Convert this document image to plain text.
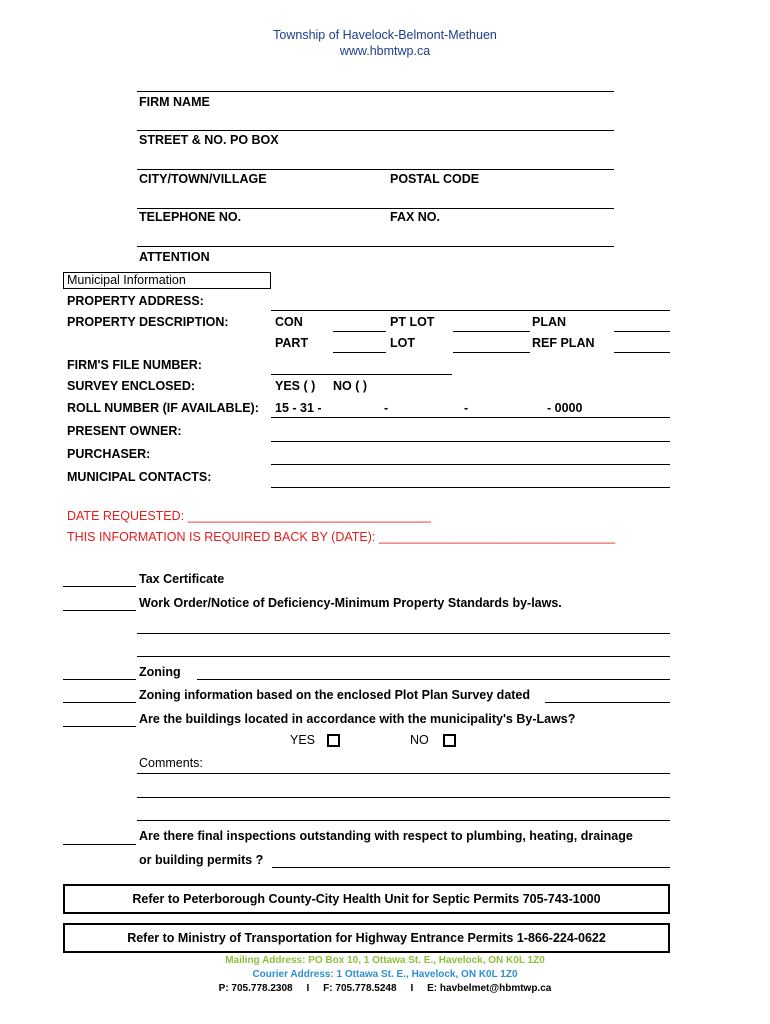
Township of Havelock-Belmont-Methuen
www.hbmtwp.ca
FIRM NAME
STREET & NO. PO BOX
CITY/TOWN/VILLAGE	POSTAL CODE
TELEPHONE NO.	FAX NO.
ATTENTION
Municipal Information
PROPERTY ADDRESS:
PROPERTY DESCRIPTION:	CON	PT LOT	PLAN
PART	LOT	REF PLAN
FIRM'S FILE NUMBER:
SURVEY ENCLOSED:	YES ( ) NO ( )
ROLL NUMBER (IF AVAILABLE): 15 - 31 -	-	-	- 0000
PRESENT OWNER:
PURCHASER:
MUNICIPAL CONTACTS:
DATE REQUESTED: ___________________________________
THIS INFORMATION IS REQUIRED BACK BY (DATE): __________________________________
Tax Certificate
Work Order/Notice of Deficiency-Minimum Property Standards by-laws.
Zoning
Zoning information based on the enclosed Plot Plan Survey dated
Are the buildings located in accordance with the municipality's By-Laws?
YES	NO
Comments:
Are there final inspections outstanding with respect to plumbing, heating, drainage
or building permits ?
Refer to Peterborough County-City Health Unit for Septic Permits 705-743-1000
Refer to Ministry of Transportation for Highway Entrance Permits 1-866-224-0622
Mailing Address: PO Box 10, 1 Ottawa St. E., Havelock, ON K0L 1Z0
Courier Address: 1 Ottawa St. E., Havelock, ON K0L 1Z0
P: 705.778.2308     I     F: 705.778.5248     I     E: havbelmet@hbmtwp.ca
